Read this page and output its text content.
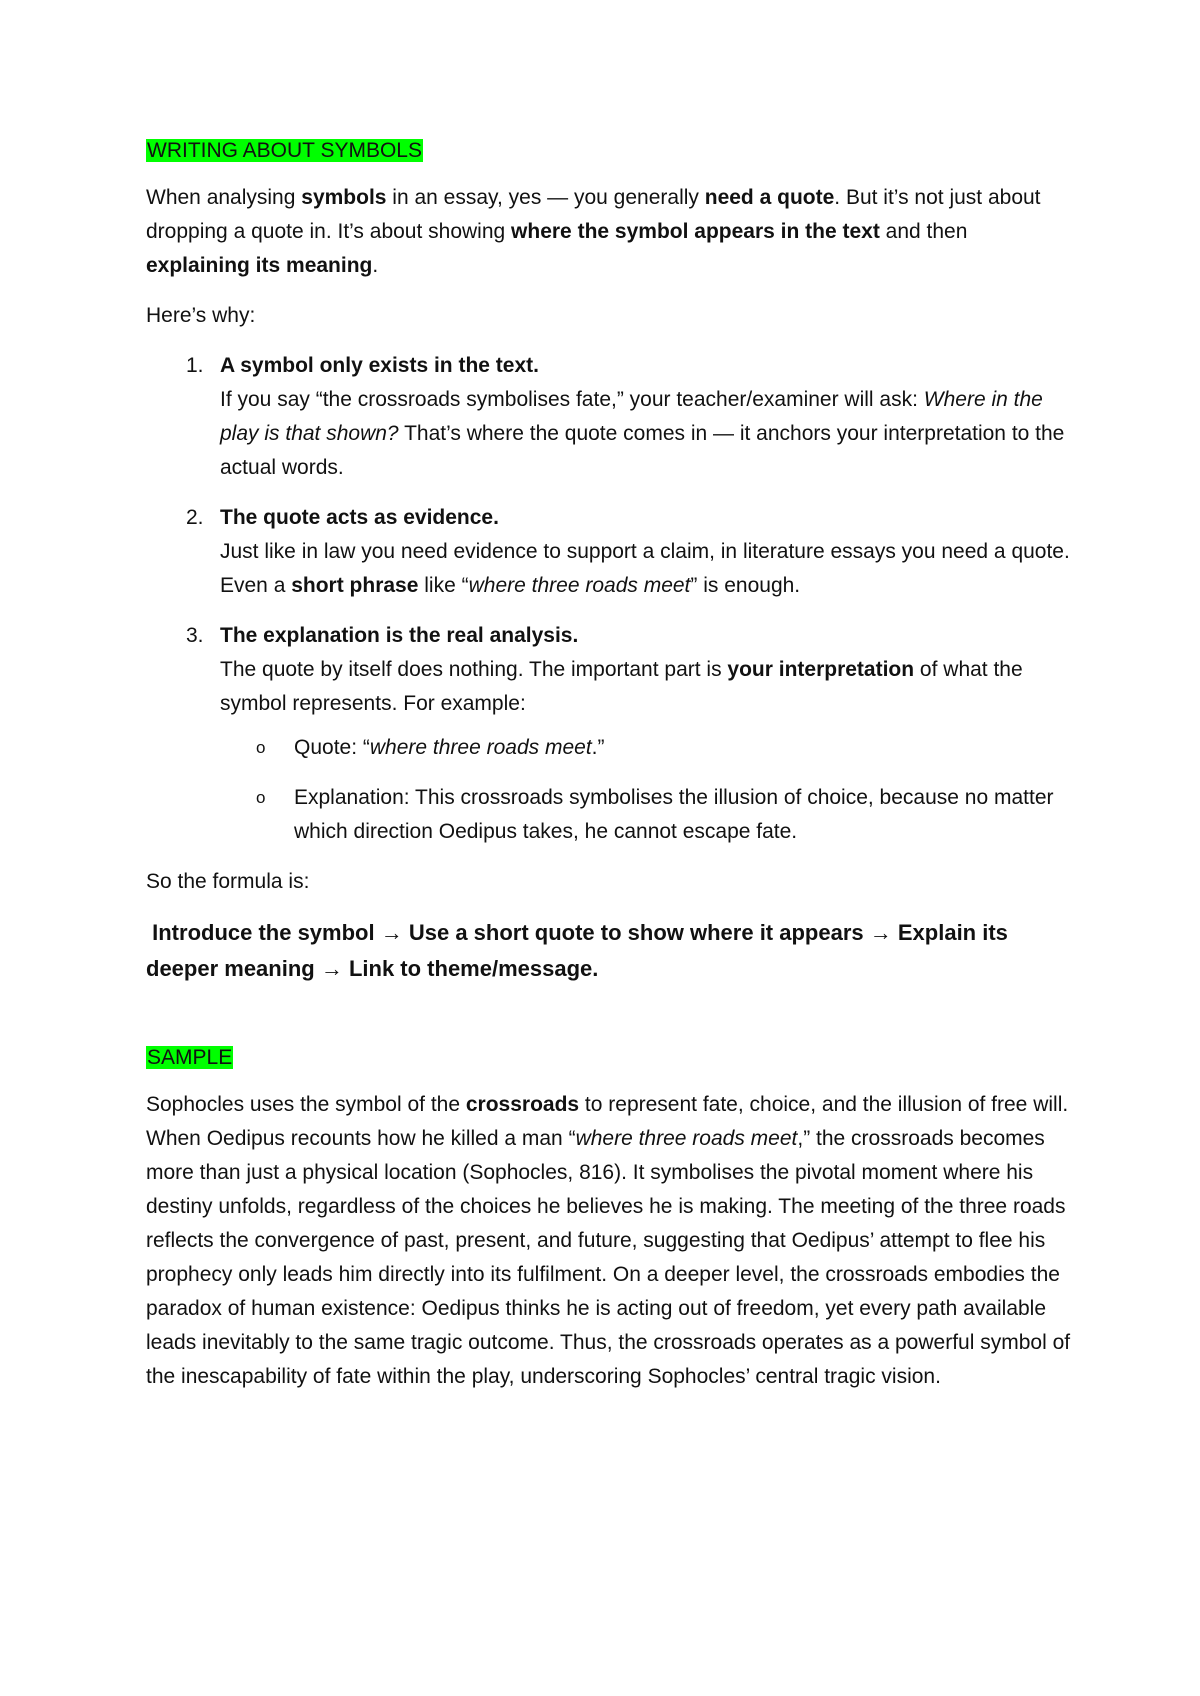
WRITING ABOUT SYMBOLS

When analysing symbols in an essay, yes — you generally need a quote. But it’s not just about dropping a quote in. It’s about showing where the symbol appears in the text and then explaining its meaning.

Here’s why:

1. A symbol only exists in the text.
If you say “the crossroads symbolises fate,” your teacher/examiner will ask: Where in the play is that shown? That’s where the quote comes in — it anchors your interpretation to the actual words.
2. The quote acts as evidence.
Just like in law you need evidence to support a claim, in literature essays you need a quote. Even a short phrase like “where three roads meet” is enough.
3. The explanation is the real analysis.
The quote by itself does nothing. The important part is your interpretation of what the symbol represents. For example:
o Quote: “where three roads meet.”
o Explanation: This crossroads symbolises the illusion of choice, because no matter which direction Oedipus takes, he cannot escape fate.

So the formula is:

Introduce the symbol → Use a short quote to show where it appears → Explain its deeper meaning → Link to theme/message.

SAMPLE

Sophocles uses the symbol of the crossroads to represent fate, choice, and the illusion of free will. When Oedipus recounts how he killed a man “where three roads meet,” the crossroads becomes more than just a physical location (Sophocles, 816). It symbolises the pivotal moment where his destiny unfolds, regardless of the choices he believes he is making. The meeting of the three roads reflects the convergence of past, present, and future, suggesting that Oedipus’ attempt to flee his prophecy only leads him directly into its fulfilment. On a deeper level, the crossroads embodies the paradox of human existence: Oedipus thinks he is acting out of freedom, yet every path available leads inevitably to the same tragic outcome. Thus, the crossroads operates as a powerful symbol of the inescapability of fate within the play, underscoring Sophocles’ central tragic vision.
